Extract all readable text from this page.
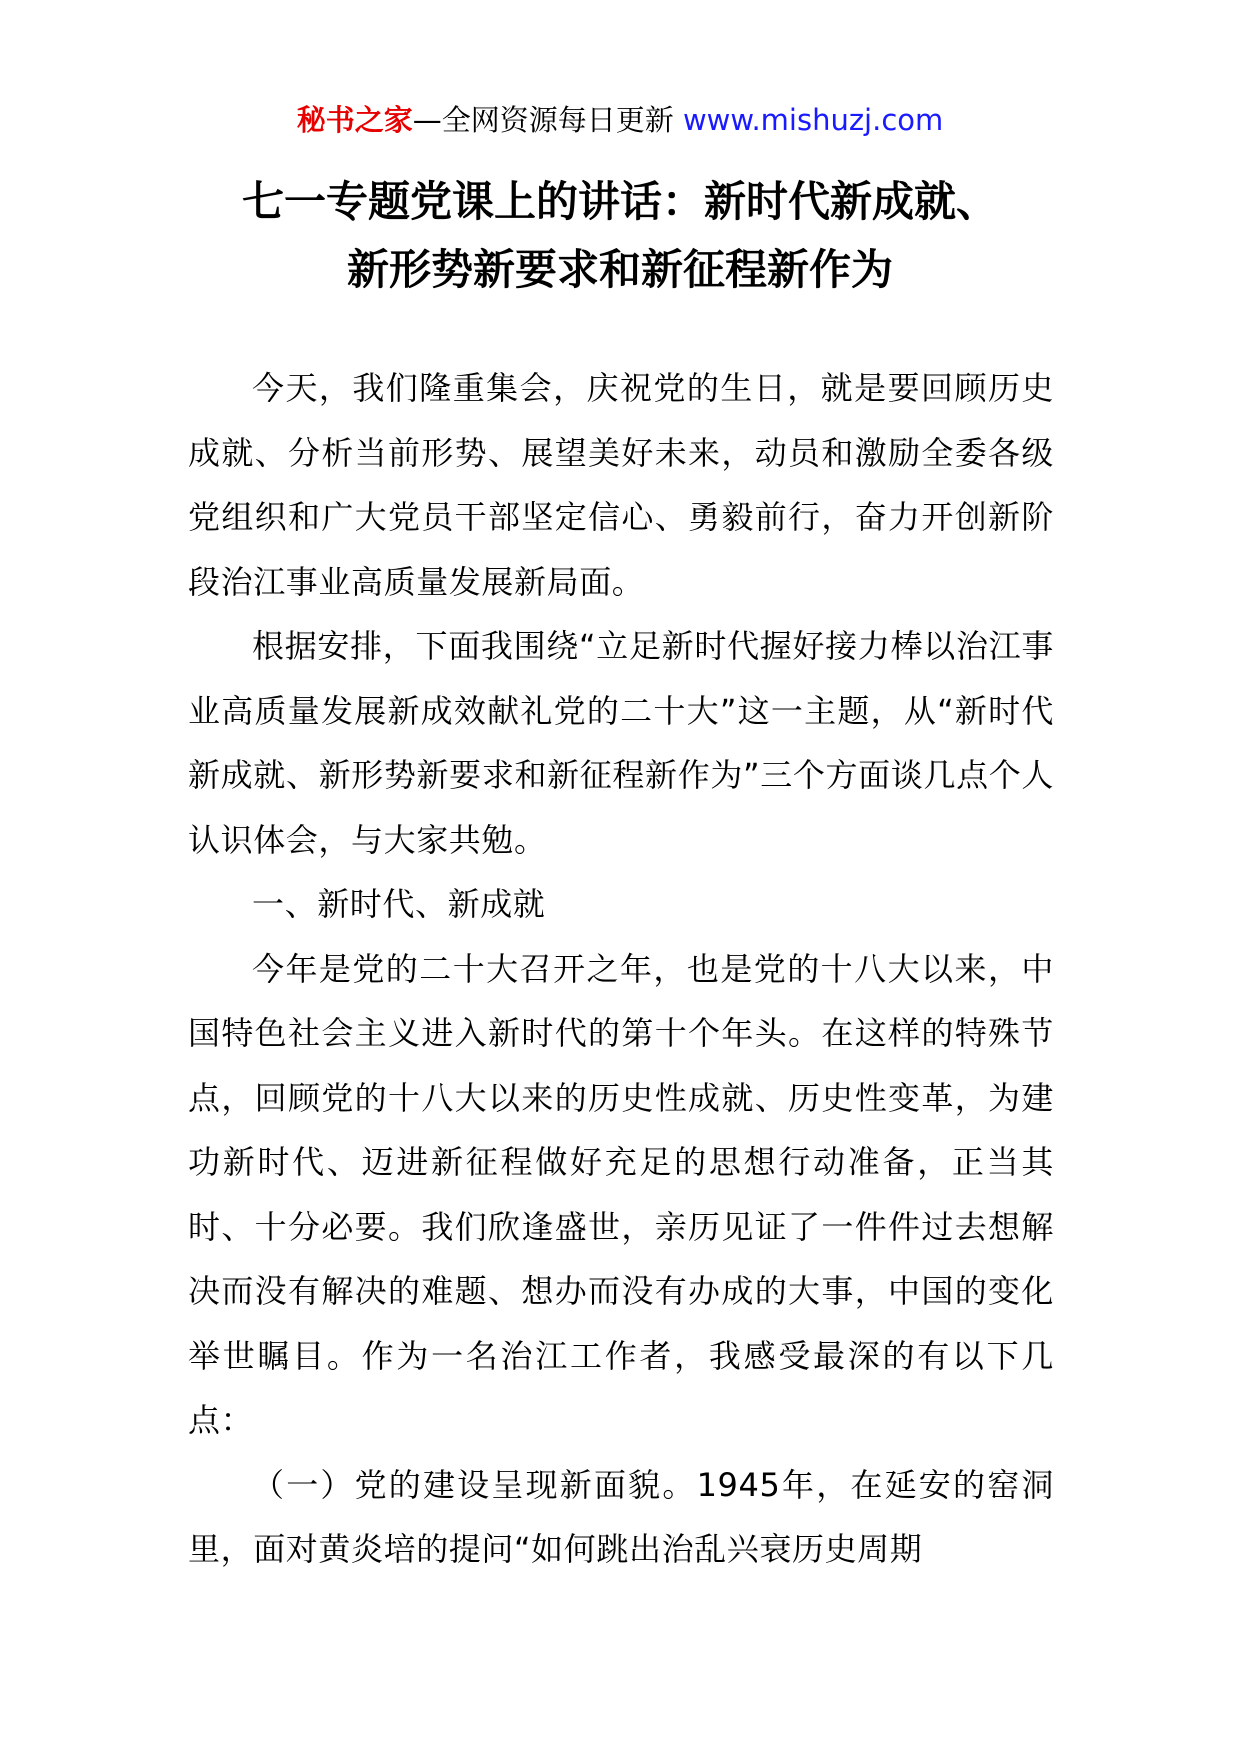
秘书之家—全网资源每日更新 www.mishuzj.com
七一专题党课上的讲话：新时代新成就、
新形势新要求和新征程新作为

今天，我们隆重集会，庆祝党的生日，就是要回顾历史成就、分析当前形势、展望美好未来，动员和激励全委各级党组织和广大党员干部坚定信心、勇毅前行，奋力开创新阶段治江事业高质量发展新局面。

根据安排，下面我围绕“立足新时代握好接力棒以治江事业高质量发展新成效献礼党的二十大”这一主题，从“新时代新成就、新形势新要求和新征程新作为”三个方面谈几点个人认识体会，与大家共勉。

一、新时代、新成就

今年是党的二十大召开之年，也是党的十八大以来，中国特色社会主义进入新时代的第十个年头。在这样的特殊节点，回顾党的十八大以来的历史性成就、历史性变革，为建功新时代、迈进新征程做好充足的思想行动准备，正当其时、十分必要。我们欣逢盛世，亲历见证了一件件过去想解决而没有解决的难题、想办而没有办成的大事，中国的变化举世瞩目。作为一名治江工作者，我感受最深的有以下几点：

（一）党的建设呈现新面貌。1945年，在延安的窑洞里，面对黄炎培的提问“如何跳出治乱兴衰历史周期
